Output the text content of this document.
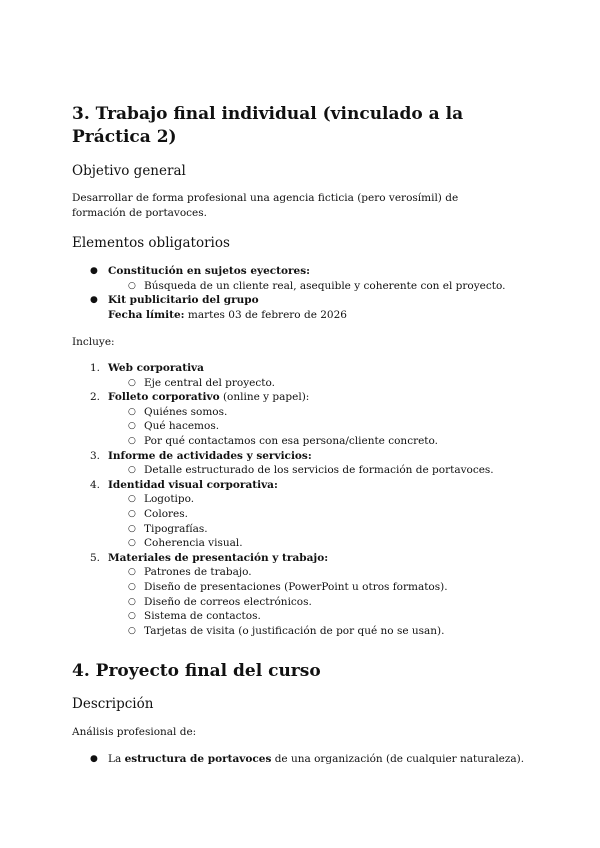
3. Trabajo final individual (vinculado a la Práctica 2)
Objetivo general

Desarrollar de forma profesional una agencia ficticia (pero verosímil) de formación de portavoces.

Elementos obligatorios
● Constitución en sujetos eyectores:
○ Búsqueda de un cliente real, asequible y coherente con el proyecto.
● Kit publicitario del grupo
Fecha límite: martes 03 de febrero de 2026

Incluye:

1. Web corporativa
○ Eje central del proyecto.
2. Folleto corporativo (online y papel):
○ Quiénes somos.
○ Qué hacemos.
○ Por qué contactamos con esa persona/cliente concreto.
3. Informe de actividades y servicios:
○ Detalle estructurado de los servicios de formación de portavoces.
4. Identidad visual corporativa:
○ Logotipo.
○ Colores.
○ Tipografías.
○ Coherencia visual.
5. Materiales de presentación y trabajo:
○ Patrones de trabajo.
○ Diseño de presentaciones (PowerPoint u otros formatos).
○ Diseño de correos electrónicos.
○ Sistema de contactos.
○ Tarjetas de visita (o justificación de por qué no se usan).
4. Proyecto final del curso
Descripción

Análisis profesional de:

● La estructura de portavoces de una organización (de cualquier naturaleza).
